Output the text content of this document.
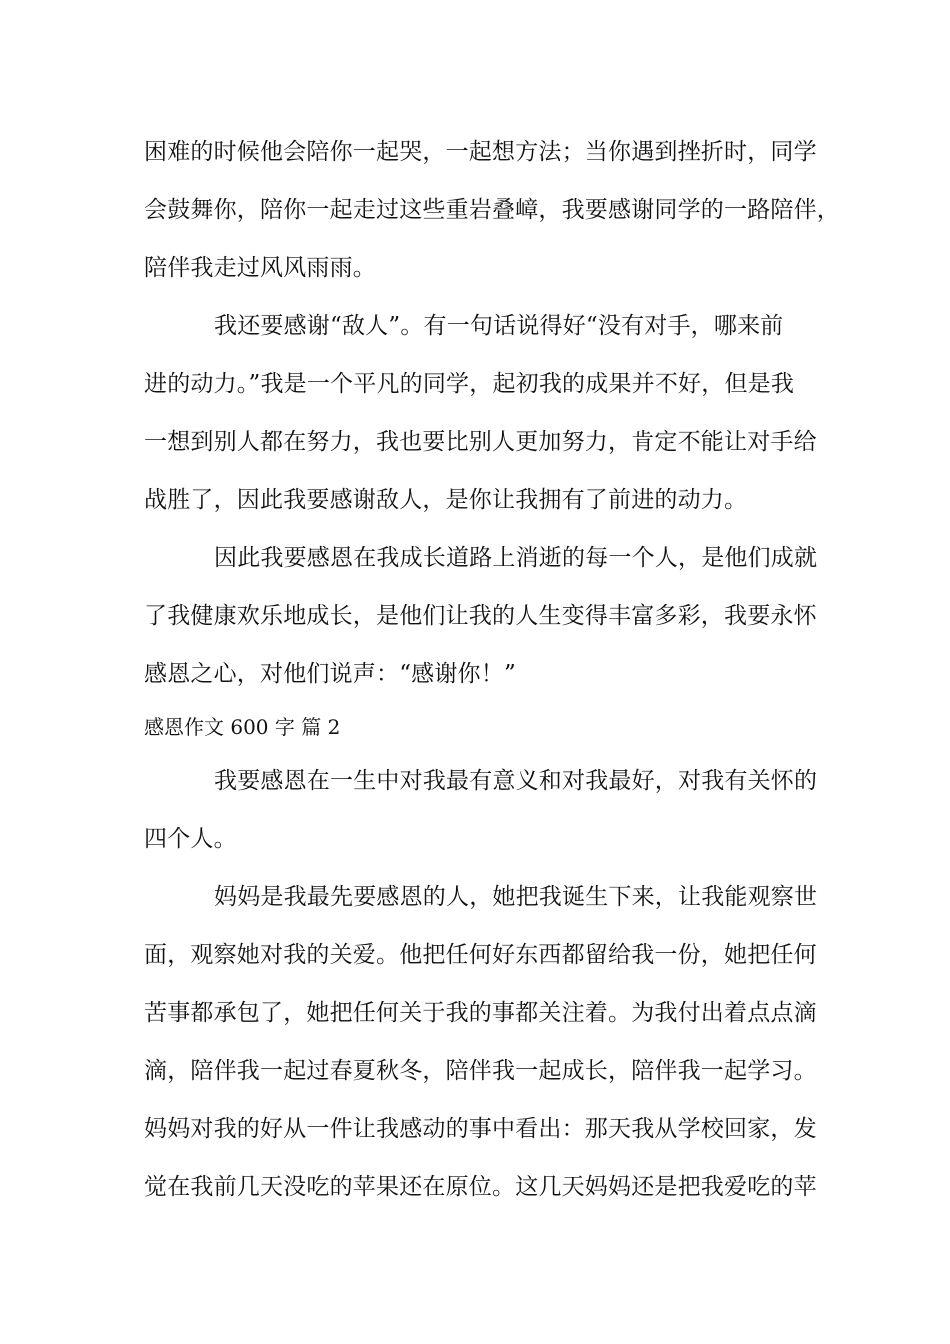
困难的时候他会陪你一起哭，一起想方法；当你遇到挫折时，同学
会鼓舞你，陪你一起走过这些重岩叠嶂，我要感谢同学的一路陪伴，
陪伴我走过风风雨雨。
我还要感谢“敌人”。有一句话说得好“没有对手，哪来前
进的动力。”我是一个平凡的同学，起初我的成果并不好，但是我
一想到别人都在努力，我也要比别人更加努力，肯定不能让对手给
战胜了，因此我要感谢敌人，是你让我拥有了前进的动力。
因此我要感恩在我成长道路上消逝的每一个人，是他们成就
了我健康欢乐地成长，是他们让我的人生变得丰富多彩，我要永怀
感恩之心，对他们说声：“感谢你！”
感恩作文 600 字 篇 2
我要感恩在一生中对我最有意义和对我最好，对我有关怀的
四个人。
妈妈是我最先要感恩的人，她把我诞生下来，让我能观察世
面，观察她对我的关爱。他把任何好东西都留给我一份，她把任何
苦事都承包了，她把任何关于我的事都关注着。为我付出着点点滴
滴，陪伴我一起过春夏秋冬，陪伴我一起成长，陪伴我一起学习。
妈妈对我的好从一件让我感动的事中看出：那天我从学校回家，发
觉在我前几天没吃的苹果还在原位。这几天妈妈还是把我爱吃的苹
